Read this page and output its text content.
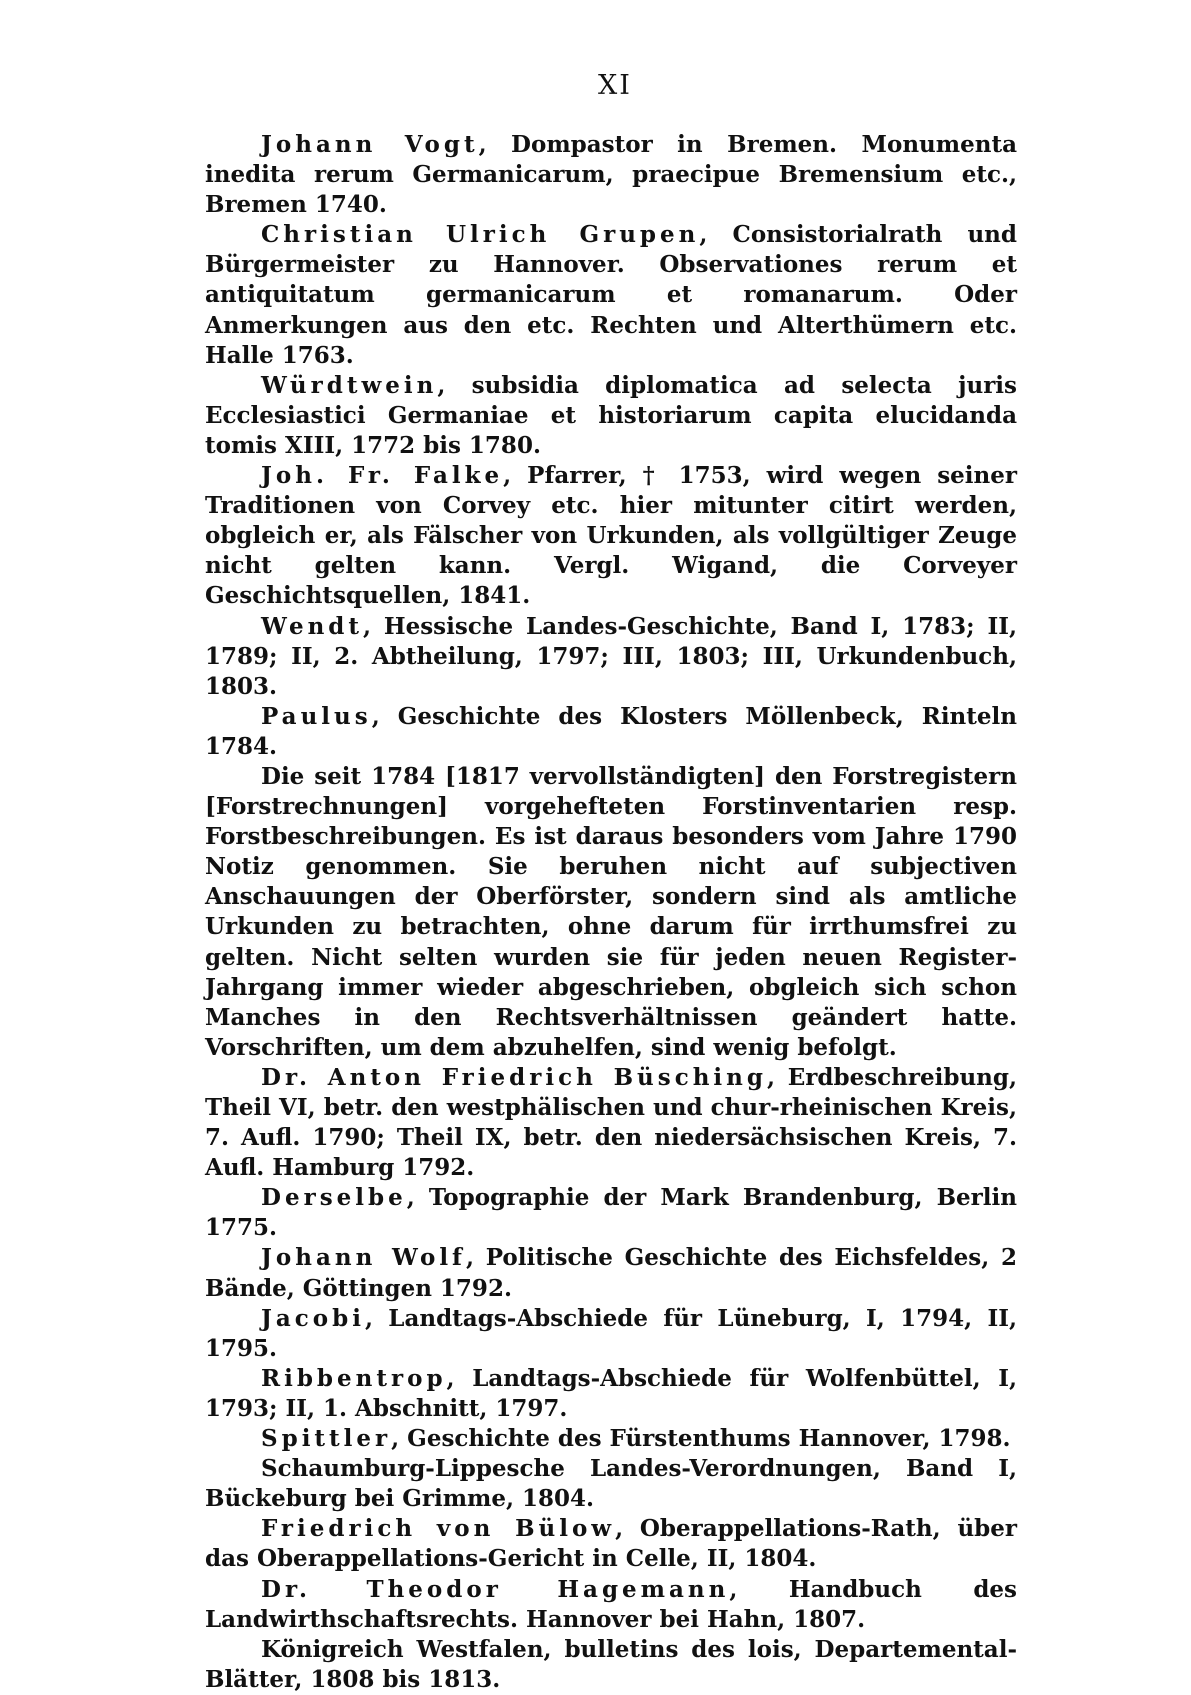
XI

Johann Vogt, Dompastor in Bremen. Monumenta inedita rerum Germanicarum, praecipue Bremensium etc., Bremen 1740.

Christian Ulrich Grupen, Consistorialrath und Bürgermeister zu Hannover. Observationes rerum et antiquitatum germanicarum et romanarum. Oder Anmerkungen aus den etc. Rechten und Alterthümern etc. Halle 1763.

Würdtwein, subsidia diplomatica ad selecta juris Ecclesiastici Germaniae et historiarum capita elucidanda tomis XIII, 1772 bis 1780.

Joh. Fr. Falke, Pfarrer, † 1753, wird wegen seiner Traditionen von Corvey etc. hier mitunter citirt werden, obgleich er, als Fälscher von Urkunden, als vollgültiger Zeuge nicht gelten kann. Vergl. Wigand, die Corveyer Geschichtsquellen, 1841.

Wendt, Hessische Landes-Geschichte, Band I, 1783; II, 1789; II, 2. Abtheilung, 1797; III, 1803; III, Urkundenbuch, 1803.

Paulus, Geschichte des Klosters Möllenbeck, Rinteln 1784.

Die seit 1784 [1817 vervollständigten] den Forstregistern [Forstrechnungen] vorgehefteten Forstinventarien resp. Forstbeschreibungen. Es ist daraus besonders vom Jahre 1790 Notiz genommen. Sie beruhen nicht auf subjectiven Anschauungen der Oberförster, sondern sind als amtliche Urkunden zu betrachten, ohne darum für irrthumsfrei zu gelten. Nicht selten wurden sie für jeden neuen Register-Jahrgang immer wieder abgeschrieben, obgleich sich schon Manches in den Rechtsverhältnissen geändert hatte. Vorschriften, um dem abzuhelfen, sind wenig befolgt.

Dr. Anton Friedrich Büsching, Erdbeschreibung, Theil VI, betr. den westphälischen und chur-rheinischen Kreis, 7. Aufl. 1790; Theil IX, betr. den niedersächsischen Kreis, 7. Aufl. Hamburg 1792.

Derselbe, Topographie der Mark Brandenburg, Berlin 1775.

Johann Wolf, Politische Geschichte des Eichsfeldes, 2 Bände, Göttingen 1792.

Jacobi, Landtags-Abschiede für Lüneburg, I, 1794, II, 1795.

Ribbentrop, Landtags-Abschiede für Wolfenbüttel, I, 1793; II, 1. Abschnitt, 1797.

Spittler, Geschichte des Fürstenthums Hannover, 1798.

Schaumburg-Lippesche Landes-Verordnungen, Band I, Bückeburg bei Grimme, 1804.

Friedrich von Bülow, Oberappellations-Rath, über das Oberappellations-Gericht in Celle, II, 1804.

Dr. Theodor Hagemann, Handbuch des Landwirthschaftsrechts. Hannover bei Hahn, 1807.

Königreich Westfalen, bulletins des lois, Departemental-Blätter, 1808 bis 1813.
